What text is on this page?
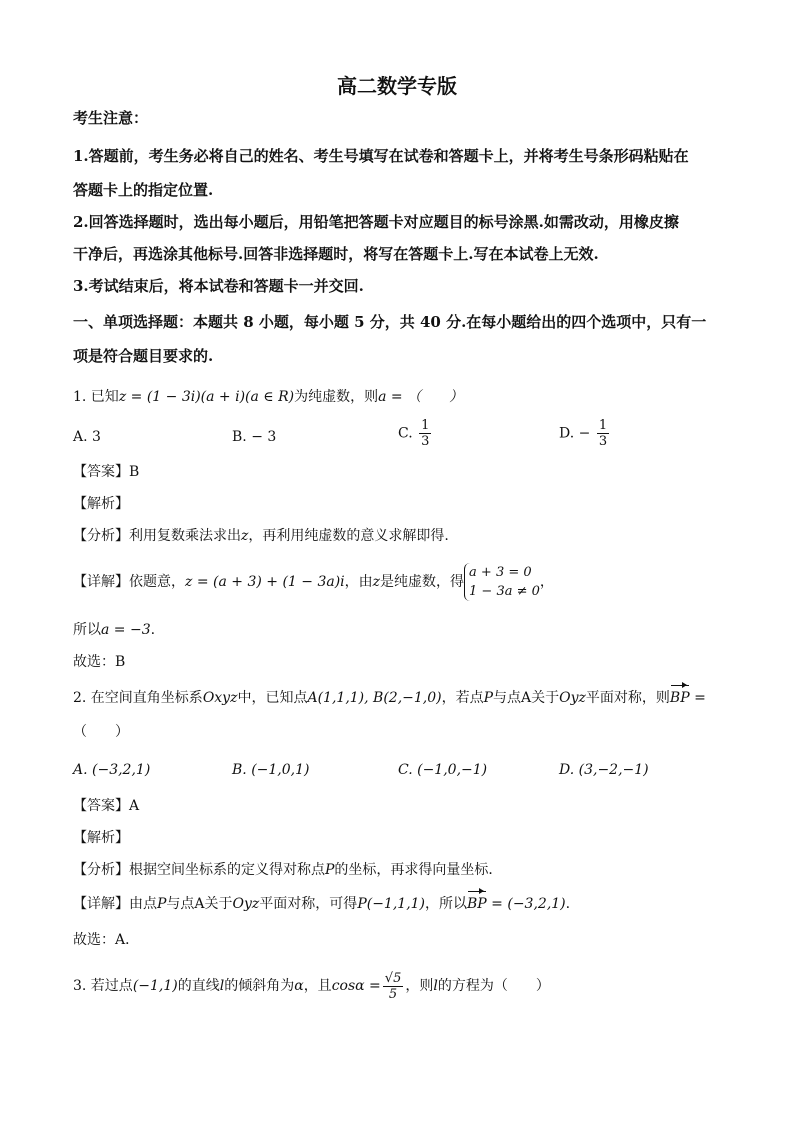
高二数学专版
考生注意：
1.答题前，考生务必将自己的姓名、考生号填写在试卷和答题卡上，并将考生号条形码粘贴在
答题卡上的指定位置.
2.回答选择题时，选出每小题后，用铅笔把答题卡对应题目的标号涂黑.如需改动，用橡皮擦
干净后，再选涂其他标号.回答非选择题时，将写在答题卡上.写在本试卷上无效.
3.考试结束后，将本试卷和答题卡一并交回.
一、单项选择题：本题共 8 小题，每小题 5 分，共 40 分.在每小题给出的四个选项中，只有一
项是符合题目要求的.
1. 已知z = (1 − 3i)(a + i)(a ∈ R)为纯虚数，则a = （　　）
A. 3	B. − 3	C. $\frac{1}{3}$	D. − $\frac{1}{3}$
【答案】B
【解析】
【分析】利用复数乘法求出z，再利用纯虚数的意义求解即得.
【详解】依题意，z = (a + 3) + (1 − 3a)i，由z是纯虚数，得
a + 3 = 0
1 − 3a ≠ 0
，
所以a = −3.
故选：B
2. 在空间直角坐标系Oxyz中，已知点A(1,1,1), B(2,−1,0)，若点P与点A关于Oyz平面对称，则BP =
（　　）
A. (−3,2,1)	B. (−1,0,1)	C. (−1,0,−1)	D. (3,−2,−1)
【答案】A
【解析】
【分析】根据空间坐标系的定义得对称点P的坐标，再求得向量坐标．
【详解】由点P与点A关于Oyz平面对称，可得P(−1,1,1)，所以BP = (−3,2,1).
故选：A．
3. 若过点(−1,1)的直线l的倾斜角为α，且$\cos\alpha = \frac{√5}{5}$ ，则l的方程为（　　）
